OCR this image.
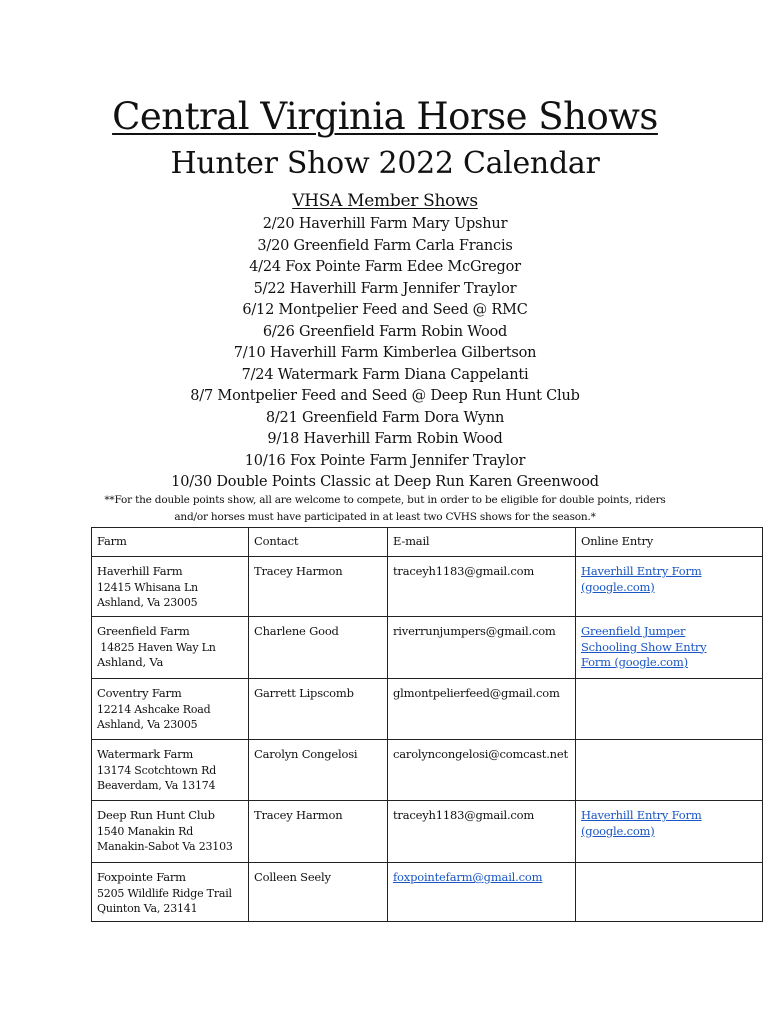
Central Virginia Horse Shows
Hunter Show 2022 Calendar
VHSA Member Shows
2/20 Haverhill Farm Mary Upshur
3/20 Greenfield Farm Carla Francis
4/24 Fox Pointe Farm Edee McGregor
5/22 Haverhill Farm Jennifer Traylor
6/12 Montpelier Feed and Seed @ RMC
6/26 Greenfield Farm Robin Wood
7/10 Haverhill Farm Kimberlea Gilbertson
7/24 Watermark Farm Diana Cappelanti
8/7 Montpelier Feed and Seed @ Deep Run Hunt Club
8/21 Greenfield Farm Dora Wynn
9/18 Haverhill Farm Robin Wood
10/16 Fox Pointe Farm Jennifer Traylor
10/30 Double Points Classic at Deep Run Karen Greenwood
**For the double points show, all are welcome to compete, but in order to be eligible for double points, riders
and/or horses must have participated in at least two CVHS shows for the season.*
Farm	Contact	E-mail	Online Entry

Haverhill Farm
12415 Whisana Ln
Ashland, Va 23005	Tracey Harmon	traceyh1183@gmail.com	Haverhill Entry Form
(google.com)

Greenfield Farm
14825 Haven Way Ln
Ashland, Va	Charlene Good	riverrunjumpers@gmail.com	Greenfield Jumper
Schooling Show Entry
Form (google.com)

Coventry Farm
12214 Ashcake Road
Ashland, Va 23005	Garrett Lipscomb	glmontpelierfeed@gmail.com	

Watermark Farm
13174 Scotchtown Rd
Beaverdam, Va 13174	Carolyn Congelosi	carolyncongelosi@comcast.net	

Deep Run Hunt Club
1540 Manakin Rd
Manakin-Sabot Va 23103	Tracey Harmon	traceyh1183@gmail.com	Haverhill Entry Form
(google.com)

Foxpointe Farm
5205 Wildlife Ridge Trail
Quinton Va, 23141	Colleen Seely	foxpointefarm@gmail.com	
